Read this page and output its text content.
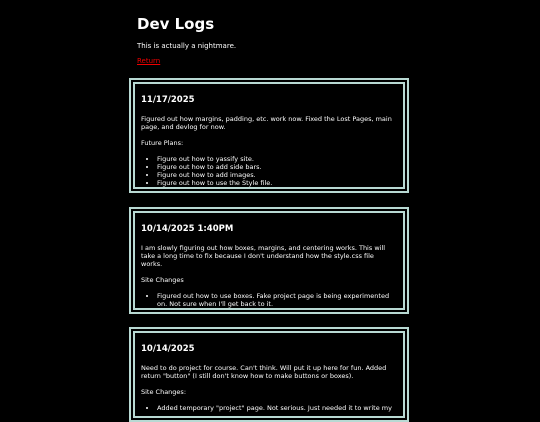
Dev Logs

This is actually a nightmare.

Return
11/17/2025

Figured out how margins, padding, etc. work now. Fixed the Lost Pages, main page, and devlog for now.

Future Plans:

• Figure out how to yassify site.
• Figure out how to add side bars.
• Figure out how to add images.
• Figure out how to use the Style file.
10/14/2025 1:40PM

I am slowly figuring out how boxes, margins, and centering works. This will take a long time to fix because I don't understand how the style.css file works.

Site Changes

• Figured out how to use boxes. Fake project page is being experimented on. Not sure when I'll get back to it.
10/14/2025

Need to do project for course. Can't think. Will put it up here for fun. Added return "button" (I still don't know how to make buttons or boxes).

Site Changes:

• Added temporary "project" page. Not serious. Just needed it to write my
